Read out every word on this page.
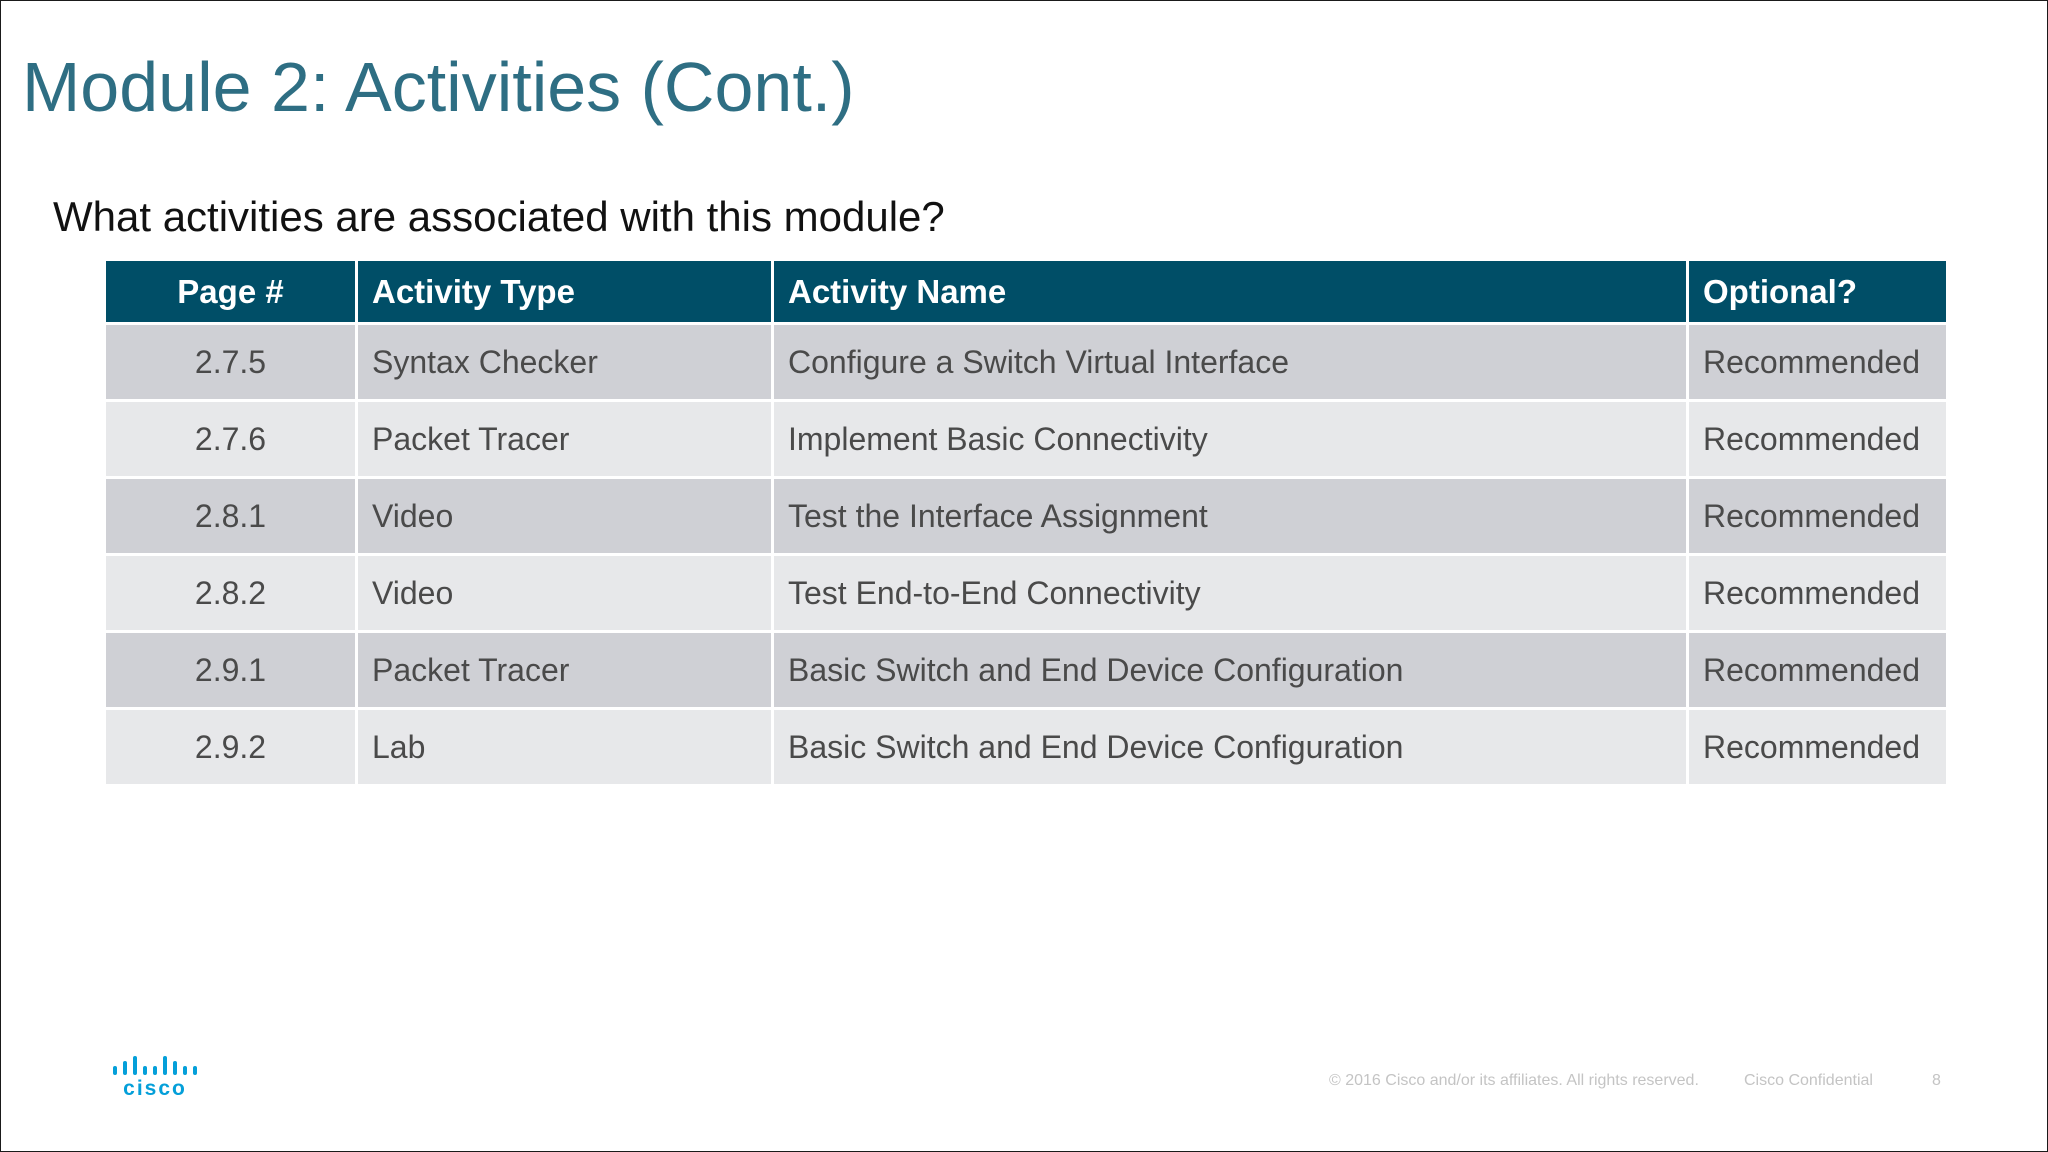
Module 2: Activities (Cont.)

What activities are associated with this module?

Page #	Activity Type	Activity Name	Optional?
2.7.5	Syntax Checker	Configure a Switch Virtual Interface	Recommended
2.7.6	Packet Tracer	Implement Basic Connectivity	Recommended
2.8.1	Video	Test the Interface Assignment	Recommended
2.8.2	Video	Test End-to-End Connectivity	Recommended
2.9.1	Packet Tracer	Basic Switch and End Device Configuration	Recommended
2.9.2	Lab	Basic Switch and End Device Configuration	Recommended
cisco	© 2016 Cisco and/or its affiliates. All rights reserved.	Cisco Confidential	8
